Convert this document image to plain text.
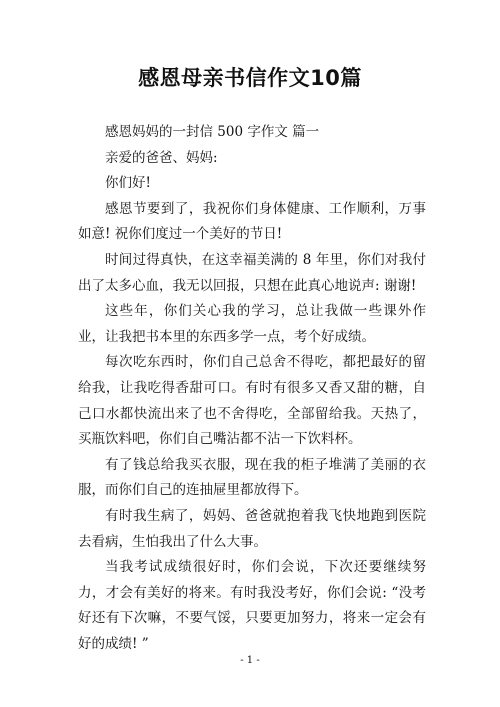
感恩母亲书信作文10篇

感恩妈妈的一封信 500 字作文 篇一

亲爱的爸爸、妈妈:

你们好!

感恩节要到了，我祝你们身体健康、工作顺利，万事如意! 祝你们度过一个美好的节日!

时间过得真快，在这幸福美满的 8 年里，你们对我付出了太多心血，我无以回报，只想在此真心地说声: 谢谢!

这些年，你们关心我的学习，总让我做一些课外作业，让我把书本里的东西多学一点，考个好成绩。

每次吃东西时，你们自己总舍不得吃，都把最好的留给我，让我吃得香甜可口。有时有很多又香又甜的糖，自己口水都快流出来了也不舍得吃，全部留给我。天热了，买瓶饮料吧，你们自己嘴沾都不沾一下饮料杯。

有了钱总给我买衣服，现在我的柜子堆满了美丽的衣服，而你们自己的连抽屉里都放得下。

有时我生病了，妈妈、爸爸就抱着我飞快地跑到医院去看病，生怕我出了什么大事。

当我考试成绩很好时，你们会说，下次还要继续努力，才会有美好的将来。有时我没考好，你们会说: “没考好还有下次嘛，不要气馁，只要更加努力，将来一定会有好的成绩! ”

- 1 -
